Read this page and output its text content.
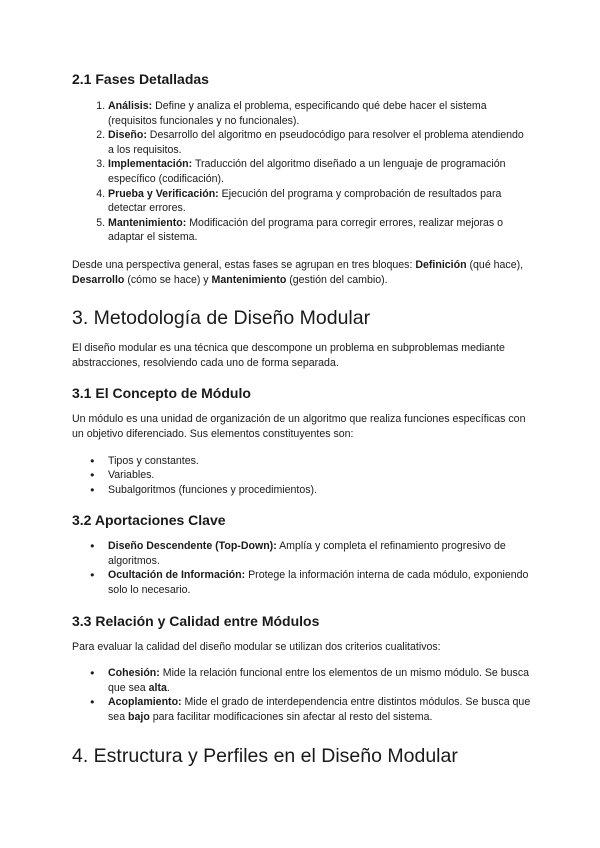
2.1 Fases Detalladas
1. Análisis: Define y analiza el problema, especificando qué debe hacer el sistema (requisitos funcionales y no funcionales).
2. Diseño: Desarrollo del algoritmo en pseudocódigo para resolver el problema atendiendo a los requisitos.
3. Implementación: Traducción del algoritmo diseñado a un lenguaje de programación específico (codificación).
4. Prueba y Verificación: Ejecución del programa y comprobación de resultados para detectar errores.
5. Mantenimiento: Modificación del programa para corregir errores, realizar mejoras o adaptar el sistema.

Desde una perspectiva general, estas fases se agrupan en tres bloques: Definición (qué hace), Desarrollo (cómo se hace) y Mantenimiento (gestión del cambio).

3. Metodología de Diseño Modular

El diseño modular es una técnica que descompone un problema en subproblemas mediante abstracciones, resolviendo cada uno de forma separada.

3.1 El Concepto de Módulo

Un módulo es una unidad de organización de un algoritmo que realiza funciones específicas con un objetivo diferenciado. Sus elementos constituyentes son:

● Tipos y constantes.
● Variables.
● Subalgoritmos (funciones y procedimientos).
3.2 Aportaciones Clave
● Diseño Descendente (Top-Down): Amplía y completa el refinamiento progresivo de algoritmos.
● Ocultación de Información: Protege la información interna de cada módulo, exponiendo solo lo necesario.
3.3 Relación y Calidad entre Módulos

Para evaluar la calidad del diseño modular se utilizan dos criterios cualitativos:

● Cohesión: Mide la relación funcional entre los elementos de un mismo módulo. Se busca que sea alta.
● Acoplamiento: Mide el grado de interdependencia entre distintos módulos. Se busca que sea bajo para facilitar modificaciones sin afectar al resto del sistema.
4. Estructura y Perfiles en el Diseño Modular
